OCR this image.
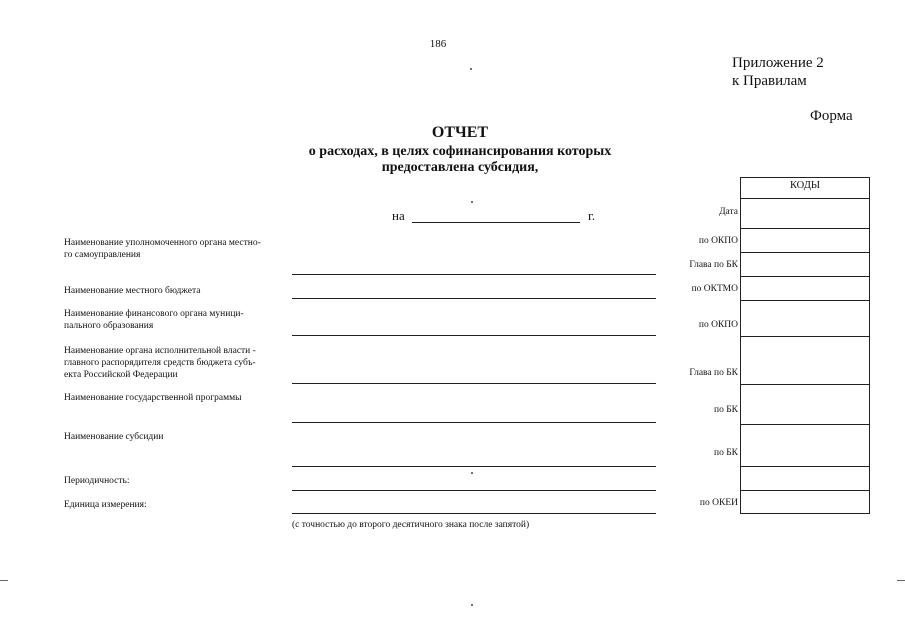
186
Приложение 2
к Правилам
Форма
ОТЧЕТ
о расходах, в целях софинансирования которых
предоставлена субсидия,
на	г.
Наименование уполномоченного органа местно-
го самоуправления
Наименование местного бюджета
Наименование финансового органа муници-
пального образования
Наименование органа исполнительной власти -
главного распорядителя средств бюджета субъ-
екта Российской Федерации
Наименование государственной программы
Наименование субсидии
Периодичность:
Единица измерения:
КОДЫ
Дата
по ОКПО
Глава по БК
по ОКТМО
по ОКПО
Глава по БК
по БК
по БК
по ОКЕИ
(с точностью до второго десятичного знака после запятой)
